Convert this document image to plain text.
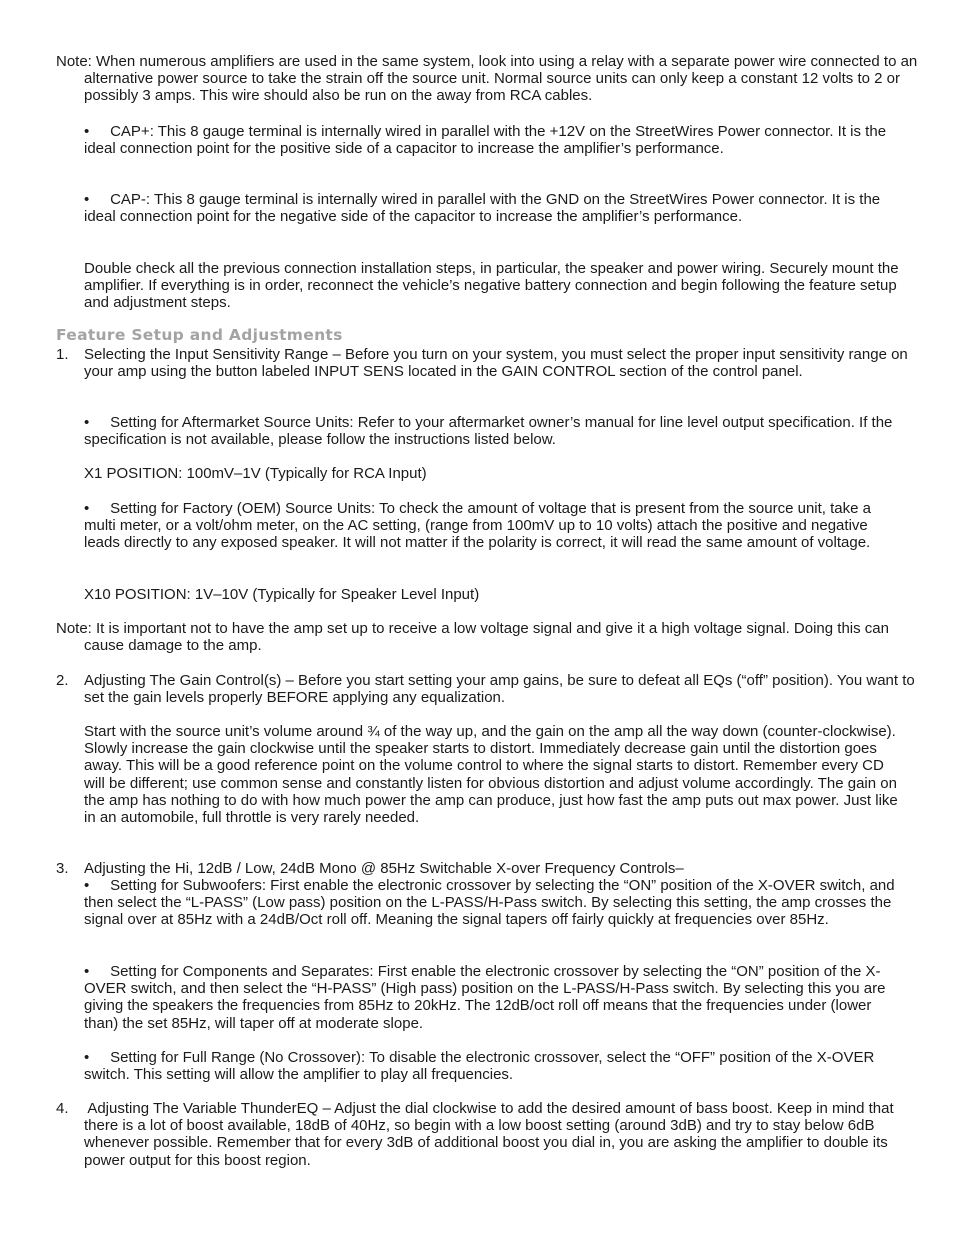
Note: When numerous amplifiers are used in the same system, look into using a relay with a separate power wire connected to an alternative power source to take the strain off the source unit. Normal source units can only keep a constant 12 volts to 2 or possibly 3 amps. This wire should also be run on the away from RCA cables.

•     CAP+: This 8 gauge terminal is internally wired in parallel with the +12V on the StreetWires Power connector. It is the ideal connection point for the positive side of a capacitor to increase the amplifier’s performance.

•     CAP-: This 8 gauge terminal is internally wired in parallel with the GND on the StreetWires Power connector. It is the ideal connection point for the negative side of the capacitor to increase the amplifier’s performance.

Double check all the previous connection installation steps, in particular, the speaker and power wiring. Securely mount the amplifier. If everything is in order, reconnect the vehicle’s negative battery connection and begin following the feature setup and adjustment steps.

Feature Setup and Adjustments
1. Selecting the Input Sensitivity Range – Before you turn on your system, you must select the proper input sensitivity range on your amp using the button labeled INPUT SENS located in the GAIN CONTROL section of the control panel.

•     Setting for Aftermarket Source Units: Refer to your aftermarket owner’s manual for line level output specification. If the specification is not available, please follow the instructions listed below.

X1 POSITION: 100mV–1V (Typically for RCA Input)

•     Setting for Factory (OEM) Source Units: To check the amount of voltage that is present from the source unit, take a multi meter, or a volt/ohm meter, on the AC setting, (range from 100mV up to 10 volts) attach the positive and negative leads directly to any exposed speaker. It will not matter if the polarity is correct, it will read the same amount of voltage.

X10 POSITION: 1V–10V (Typically for Speaker Level Input)

Note: It is important not to have the amp set up to receive a low voltage signal and give it a high voltage signal. Doing this can cause damage to the amp.

2. Adjusting The Gain Control(s) – Before you start setting your amp gains, be sure to defeat all EQs (“off” position). You want to set the gain levels properly BEFORE applying any equalization.

Start with the source unit’s volume around ¾ of the way up, and the gain on the amp all the way down (counter-clockwise). Slowly increase the gain clockwise until the speaker starts to distort. Immediately decrease gain until the distortion goes away. This will be a good reference point on the volume control to where the signal starts to distort. Remember every CD will be different; use common sense and constantly listen for obvious distortion and adjust volume accordingly. The gain on the amp has nothing to do with how much power the amp can produce, just how fast the amp puts out max power. Just like in an automobile, full throttle is very rarely needed.

3. Adjusting the Hi, 12dB / Low, 24dB Mono @ 85Hz Switchable X-over Frequency Controls–

•     Setting for Subwoofers: First enable the electronic crossover by selecting the “ON” position of the X-OVER switch, and then select the “L-PASS” (Low pass) position on the L-PASS/H-Pass switch. By selecting this setting, the amp crosses the signal over at 85Hz with a 24dB/Oct roll off. Meaning the signal tapers off fairly quickly at frequencies over 85Hz.

•     Setting for Components and Separates: First enable the electronic crossover by selecting the “ON” position of the X-OVER switch, and then select the “H-PASS” (High pass) position on the L-PASS/H-Pass switch. By selecting this you are giving the speakers the frequencies from 85Hz to 20kHz. The 12dB/oct roll off means that the frequencies under (lower than) the set 85Hz, will taper off at moderate slope.

•     Setting for Full Range (No Crossover): To disable the electronic crossover, select the “OFF” position of the X-OVER switch. This setting will allow the amplifier to play all frequencies.

4. Adjusting The Variable ThunderEQ – Adjust the dial clockwise to add the desired amount of bass boost. Keep in mind that there is a lot of boost available, 18dB of 40Hz, so begin with a low boost setting (around 3dB) and try to stay below 6dB whenever possible. Remember that for every 3dB of additional boost you dial in, you are asking the amplifier to double its power output for this boost region.
